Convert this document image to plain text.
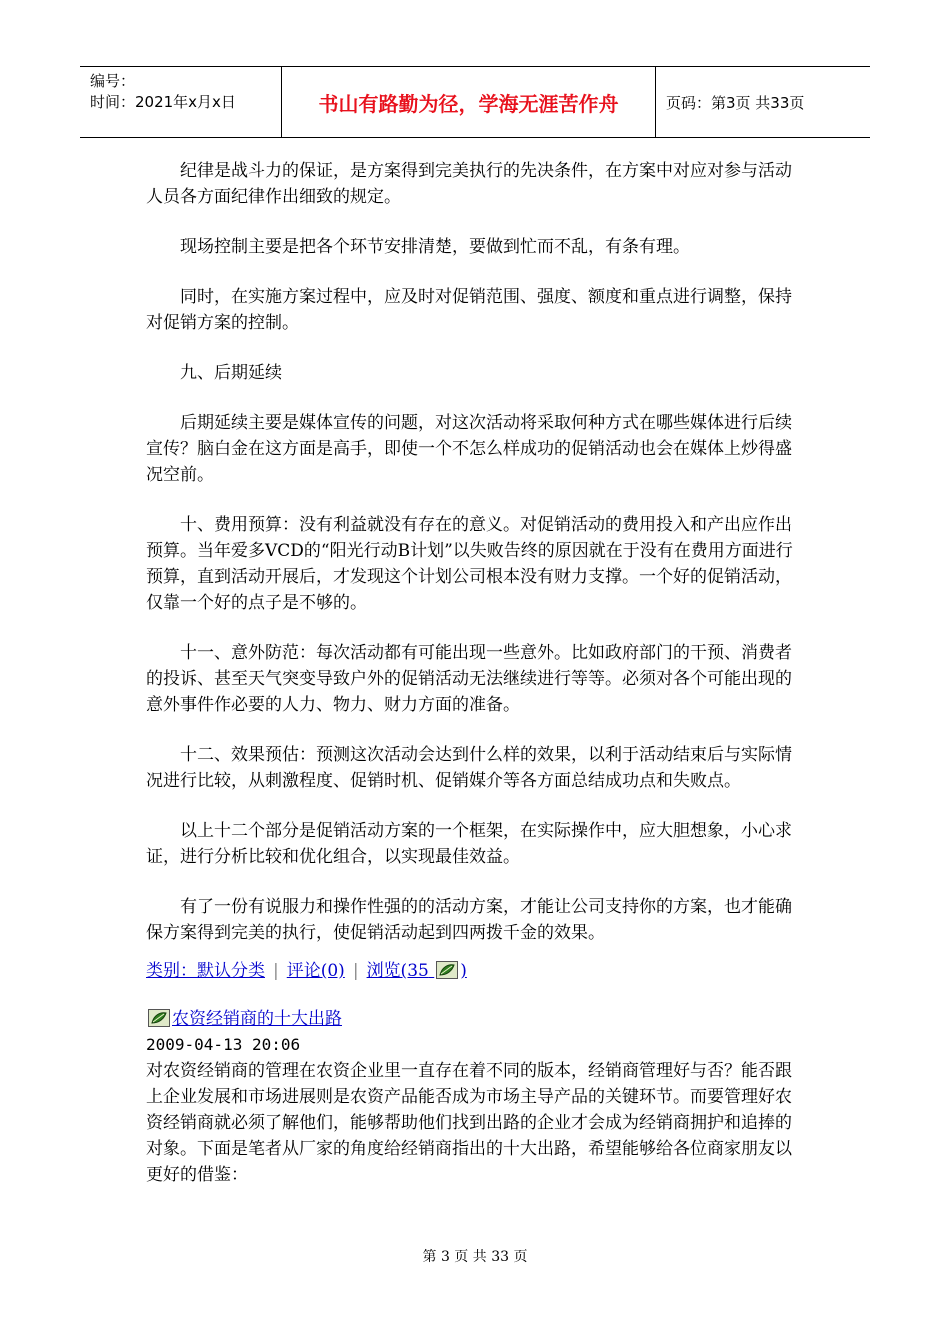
编号：
时间：2021年x月x日	书山有路勤为径，学海无涯苦作舟	页码：第3页 共33页

纪律是战斗力的保证，是方案得到完美执行的先决条件，在方案中对应对参与活动人员各方面纪律作出细致的规定。

现场控制主要是把各个环节安排清楚，要做到忙而不乱，有条有理。

同时，在实施方案过程中，应及时对促销范围、强度、额度和重点进行调整，保持对促销方案的控制。

九、后期延续

后期延续主要是媒体宣传的问题，对这次活动将采取何种方式在哪些媒体进行后续宣传？脑白金在这方面是高手，即使一个不怎么样成功的促销活动也会在媒体上炒得盛况空前。

十、费用预算：没有利益就没有存在的意义。对促销活动的费用投入和产出应作出预算。当年爱多VCD的“阳光行动B计划”以失败告终的原因就在于没有在费用方面进行预算，直到活动开展后，才发现这个计划公司根本没有财力支撑。一个好的促销活动，仅靠一个好的点子是不够的。

十一、意外防范：每次活动都有可能出现一些意外。比如政府部门的干预、消费者的投诉、甚至天气突变导致户外的促销活动无法继续进行等等。必须对各个可能出现的意外事件作必要的人力、物力、财力方面的准备。

十二、效果预估：预测这次活动会达到什么样的效果，以利于活动结束后与实际情况进行比较，从刺激程度、促销时机、促销媒介等各方面总结成功点和失败点。

以上十二个部分是促销活动方案的一个框架，在实际操作中，应大胆想象，小心求证，进行分析比较和优化组合，以实现最佳效益。

有了一份有说服力和操作性强的的活动方案，才能让公司支持你的方案，也才能确保方案得到完美的执行，使促销活动起到四两拨千金的效果。

类别：默认分类 | 评论(0) | 浏览(35 )

农资经销商的十大出路

2009-04-13 20:06

对农资经销商的管理在农资企业里一直存在着不同的版本，经销商管理好与否？能否跟上企业发展和市场进展则是农资产品能否成为市场主导产品的关键环节。而要管理好农资经销商就必须了解他们，能够帮助他们找到出路的企业才会成为经销商拥护和追捧的对象。下面是笔者从厂家的角度给经销商指出的十大出路，希望能够给各位商家朋友以更好的借鉴：

第 3 页 共 33 页
